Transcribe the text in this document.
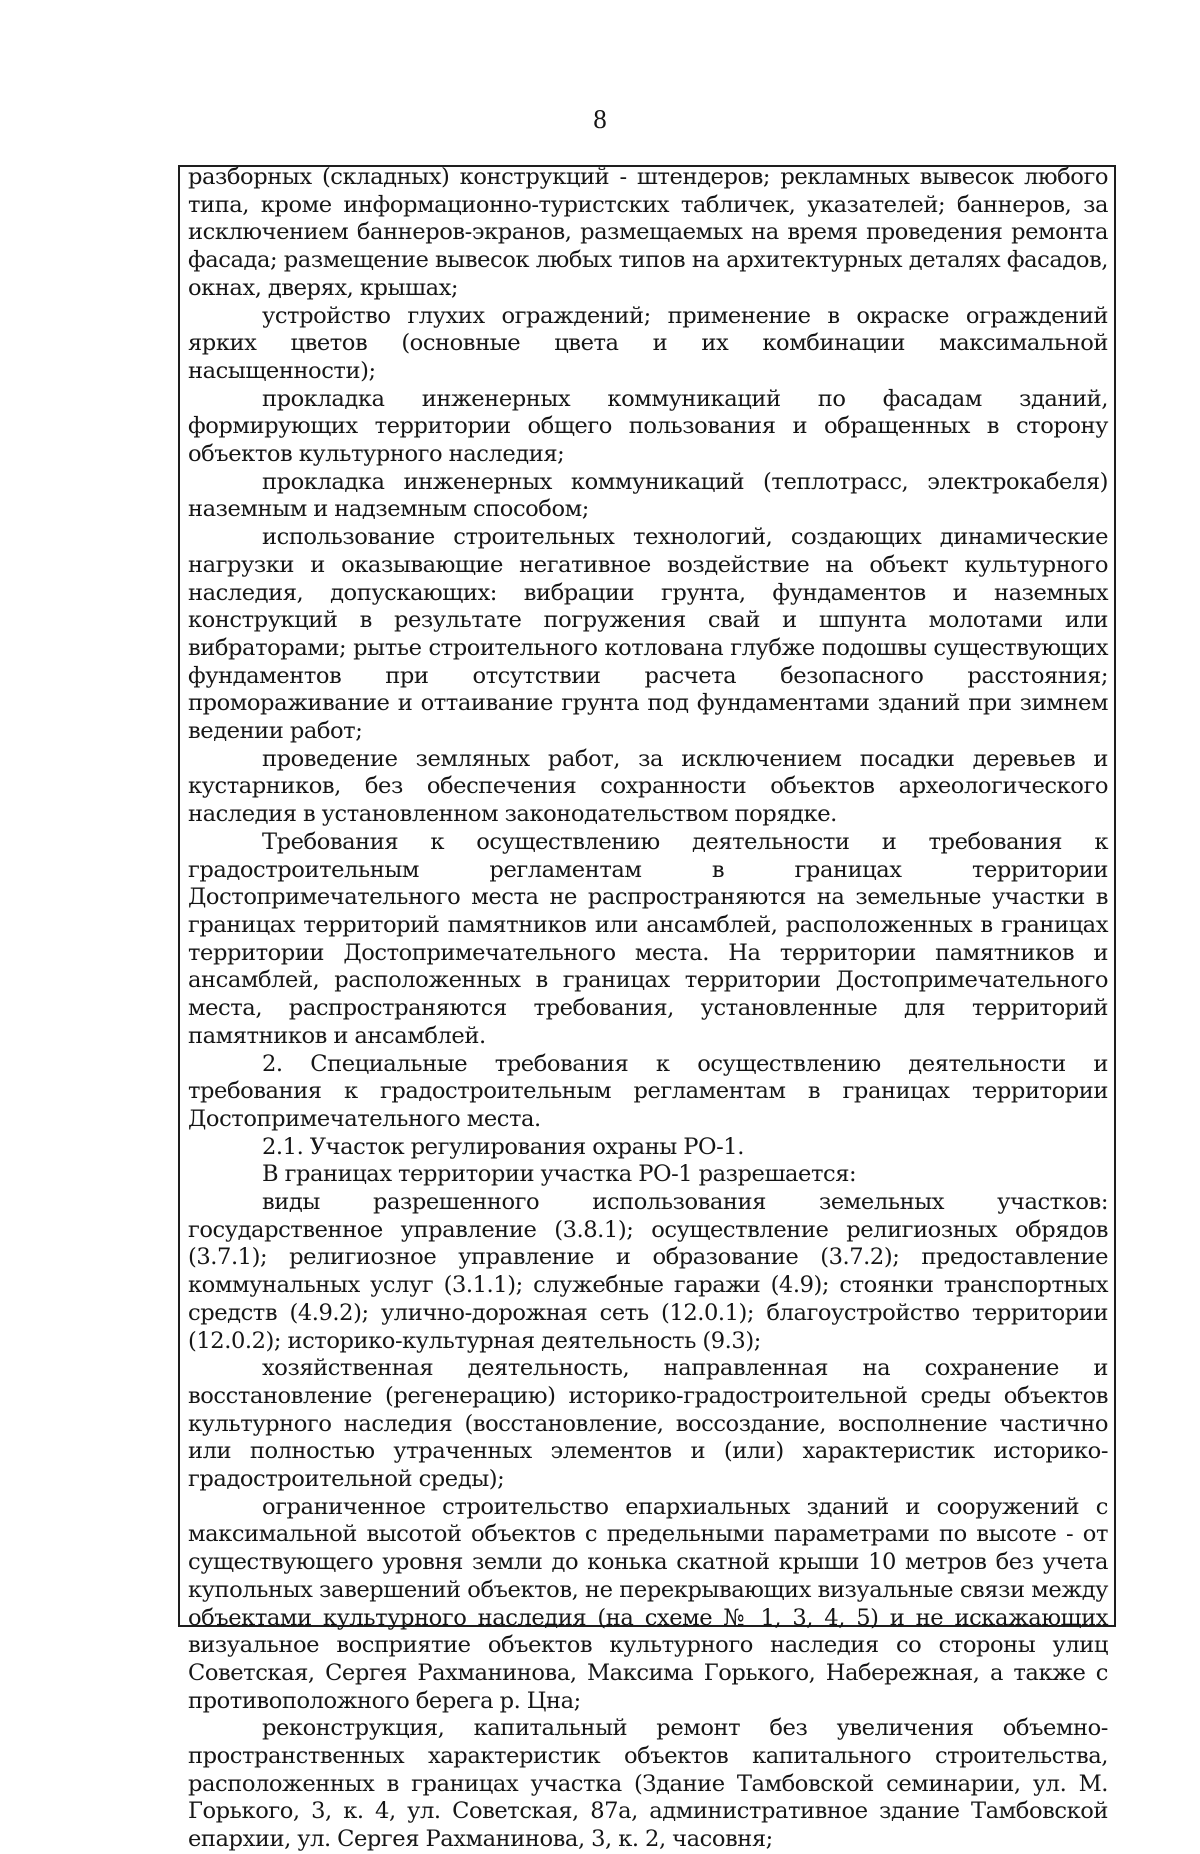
8

разборных (складных) конструкций - штендеров; рекламных вывесок любого типа, кроме информационно-туристских табличек, указателей; баннеров, за исключением баннеров-экранов, размещаемых на время проведения ремонта фасада; размещение вывесок любых типов на архитектурных деталях фасадов, окнах, дверях, крышах;

устройство глухих ограждений; применение в окраске ограждений ярких цветов (основные цвета и их комбинации максимальной насыщенности);

прокладка инженерных коммуникаций по фасадам зданий, формирующих территории общего пользования и обращенных в сторону объектов культурного наследия;

прокладка инженерных коммуникаций (теплотрасс, электрокабеля) наземным и надземным способом;

использование строительных технологий, создающих динамические нагрузки и оказывающие негативное воздействие на объект культурного наследия, допускающих: вибрации грунта, фундаментов и наземных конструкций в результате погружения свай и шпунта молотами или вибраторами; рытье строительного котлована глубже подошвы существующих фундаментов при отсутствии расчета безопасного расстояния; промораживание и оттаивание грунта под фундаментами зданий при зимнем ведении работ;

проведение земляных работ, за исключением посадки деревьев и кустарников, без обеспечения сохранности объектов археологического наследия в установленном законодательством порядке.

Требования к осуществлению деятельности и требования к градостроительным регламентам в границах территории Достопримечательного места не распространяются на земельные участки в границах территорий памятников или ансамблей, расположенных в границах территории Достопримечательного места. На территории памятников и ансамблей, расположенных в границах территории Достопримечательного места, распространяются требования, установленные для территорий памятников и ансамблей.

2. Специальные требования к осуществлению деятельности и требования к градостроительным регламентам в границах территории Достопримечательного места.

2.1. Участок регулирования охраны РО-1.

В границах территории участка РО-1 разрешается:

виды разрешенного использования земельных участков: государственное управление (3.8.1); осуществление религиозных обрядов (3.7.1); религиозное управление и образование (3.7.2); предоставление коммунальных услуг (3.1.1); служебные гаражи (4.9); стоянки транспортных средств (4.9.2); улично-дорожная сеть (12.0.1); благоустройство территории (12.0.2); историко-культурная деятельность (9.3);

хозяйственная деятельность, направленная на сохранение и восстановление (регенерацию) историко-градостроительной среды объектов культурного наследия (восстановление, воссоздание, восполнение частично или полностью утраченных элементов и (или) характеристик историко-градостроительной среды);

ограниченное строительство епархиальных зданий и сооружений с максимальной высотой объектов с предельными параметрами по высоте - от существующего уровня земли до конька скатной крыши 10 метров без учета купольных завершений объектов, не перекрывающих визуальные связи между объектами культурного наследия (на схеме № 1, 3, 4, 5) и не искажающих визуальное восприятие объектов культурного наследия со стороны улиц Советская, Сергея Рахманинова, Максима Горького, Набережная, а также с противоположного берега р. Цна;

реконструкция, капитальный ремонт без увеличения объемно-пространственных характеристик объектов капитального строительства, расположенных в границах участка (Здание Тамбовской семинарии, ул. М. Горького, 3, к. 4, ул. Советская, 87а, административное здание Тамбовской епархии, ул. Сергея Рахманинова, 3, к. 2, часовня;
